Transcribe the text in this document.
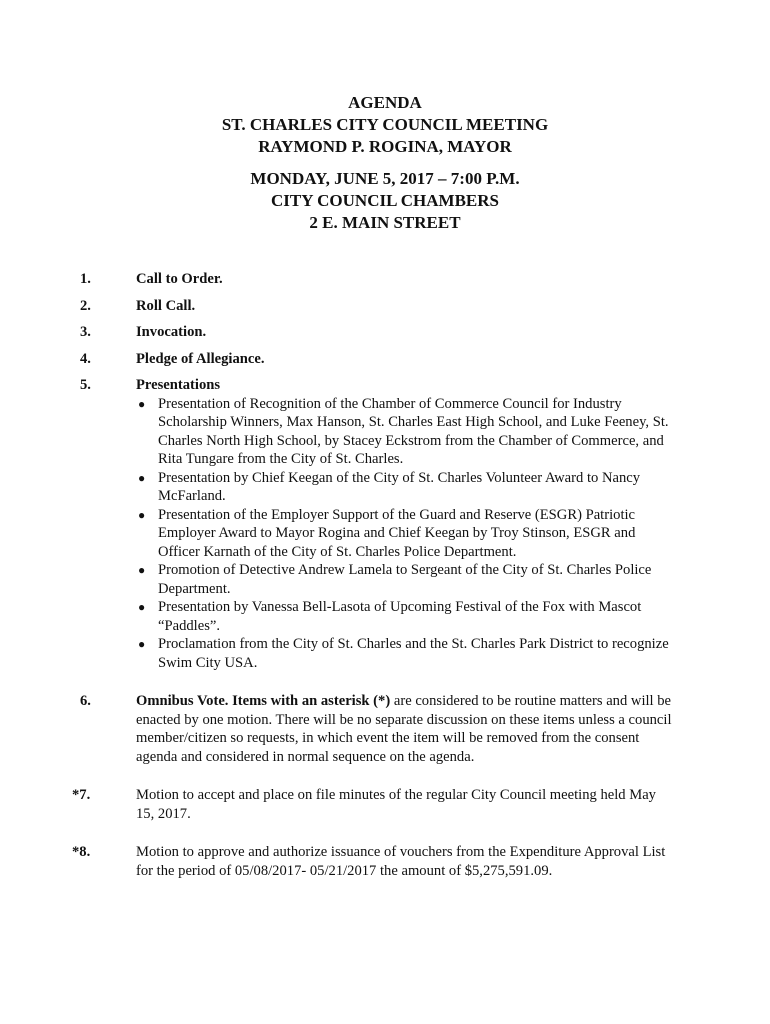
AGENDA
ST. CHARLES CITY COUNCIL MEETING
RAYMOND P. ROGINA, MAYOR
MONDAY, JUNE 5, 2017 – 7:00 P.M.
CITY COUNCIL CHAMBERS
2 E. MAIN STREET
1.	Call to Order.
2.	Roll Call.
3.	Invocation.
4.	Pledge of Allegiance.
5.	Presentations
● Presentation of Recognition of the Chamber of Commerce Council for Industry Scholarship Winners, Max Hanson, St. Charles East High School, and Luke Feeney, St. Charles North High School, by Stacey Eckstrom from the Chamber of Commerce, and Rita Tungare from the City of St. Charles.
● Presentation by Chief Keegan of the City of St. Charles Volunteer Award to Nancy McFarland.
● Presentation of the Employer Support of the Guard and Reserve (ESGR) Patriotic Employer Award to Mayor Rogina and Chief Keegan by Troy Stinson, ESGR and Officer Karnath of the City of St. Charles Police Department.
● Promotion of Detective Andrew Lamela to Sergeant of the City of St. Charles Police Department.
● Presentation by Vanessa Bell-Lasota of Upcoming Festival of the Fox with Mascot “Paddles”.
● Proclamation from the City of St. Charles and the St. Charles Park District to recognize Swim City USA.
6.	Omnibus Vote. Items with an asterisk (*) are considered to be routine matters and will be enacted by one motion. There will be no separate discussion on these items unless a council member/citizen so requests, in which event the item will be removed from the consent agenda and considered in normal sequence on the agenda.
*7.	Motion to accept and place on file minutes of the regular City Council meeting held May 15, 2017.
*8.	Motion to approve and authorize issuance of vouchers from the Expenditure Approval List for the period of 05/08/2017- 05/21/2017 the amount of $5,275,591.09.
